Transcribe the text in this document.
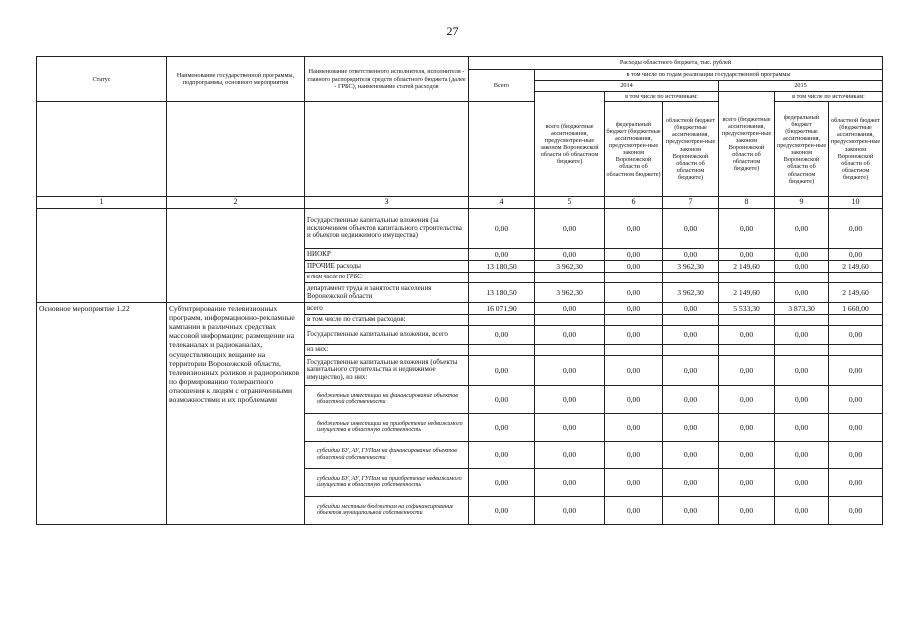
27
Статус	Наименование государственной программы, подпрограммы, основного мероприятия	Наименование ответственного исполнителя, исполнителя - главного распорядителя средств областного бюджета (далее - ГРБС), наименование статей расходов	Расходы областного бюджета, тыс. рублей						
			Всего	в том числе по годам реализации государственной программы					
				2014			2015		
				всего (бюджетные ассигнования, предусмотрен-ные законом Воронежской области об областном бюджете)	в том числе по источникам:		всего (бюджетные ассигнования, предусмотрен-ные законом Воронежской области об областном бюджете)	в том числе по источникам:	
					федеральный бюджет (бюджетные ассигнования, предусмотрен-ные законом Воронежской области об областном бюджете)	областной бюджет (бюджетные ассигнования, предусмотрен-ные законом Воронежской области об областном бюджете)		федеральный бюджет (бюджетные ассигнования, предусмотрен-ные законом Воронежской области об областном бюджете)	областной бюджет (бюджетные ассигнования, предусмотрен-ные законом Воронежской области об областном бюджете)
1	2	3	4	5	6	7	8	9	10
		Государственные капитальные вложения (за исключением объектов капитального строительства и объектов недвижимого имущества)	0,00	0,00	0,00	0,00	0,00	0,00	0,00
		НИОКР	0,00	0,00	0,00	0,00	0,00	0,00	0,00
		ПРОЧИЕ расходы	13 180,50	3 962,30	0,00	3 962,30	2 149,60	0,00	2 149,60
		в том числе по ГРБС:							
		департамент труда и занятости населения Воронежской области	13 180,50	3 962,30	0,00	3 962,30	2 149,60	0,00	2 149,60
Основное мероприятие 1.22	Субтитрирование телевизионных программ, информационно-рекламные кампании в различных средствах массовой информации; размещение на телеканалах и радиоканалах, осуществляющих вещание на территории Воронежской области, телевизионных роликов и радиороликов по формированию толерантного отношения к людям с ограниченными возможностями и их проблемами	всего	16 071,90	0,00	0,00	0,00	5 533,30	3 873,30	1 660,00
		в том числе по статьям расходов:							
		Государственные капитальные вложения, всего	0,00	0,00	0,00	0,00	0,00	0,00	0,00
		из них:							
		Государственные капитальные вложения (объекты капитального строительства и недвижимое имущество), из них:	0,00	0,00	0,00	0,00	0,00	0,00	0,00
		бюджетные инвестиции на финансирование объектов областной собственности	0,00	0,00	0,00	0,00	0,00	0,00	0,00
		бюджетные инвестиции на приобретение недвижимого имущества в областную собственность	0,00	0,00	0,00	0,00	0,00	0,00	0,00
		субсидии БУ, АУ, ГУПам на финансирование объектов областной собственности	0,00	0,00	0,00	0,00	0,00	0,00	0,00
		субсидии БУ, АУ, ГУПам на приобретение недвижимого имущества в областную собственность	0,00	0,00	0,00	0,00	0,00	0,00	0,00
		субсидии местным бюджетам на софинансирование объектов муниципальной собственности	0,00	0,00	0,00	0,00	0,00	0,00	0,00
